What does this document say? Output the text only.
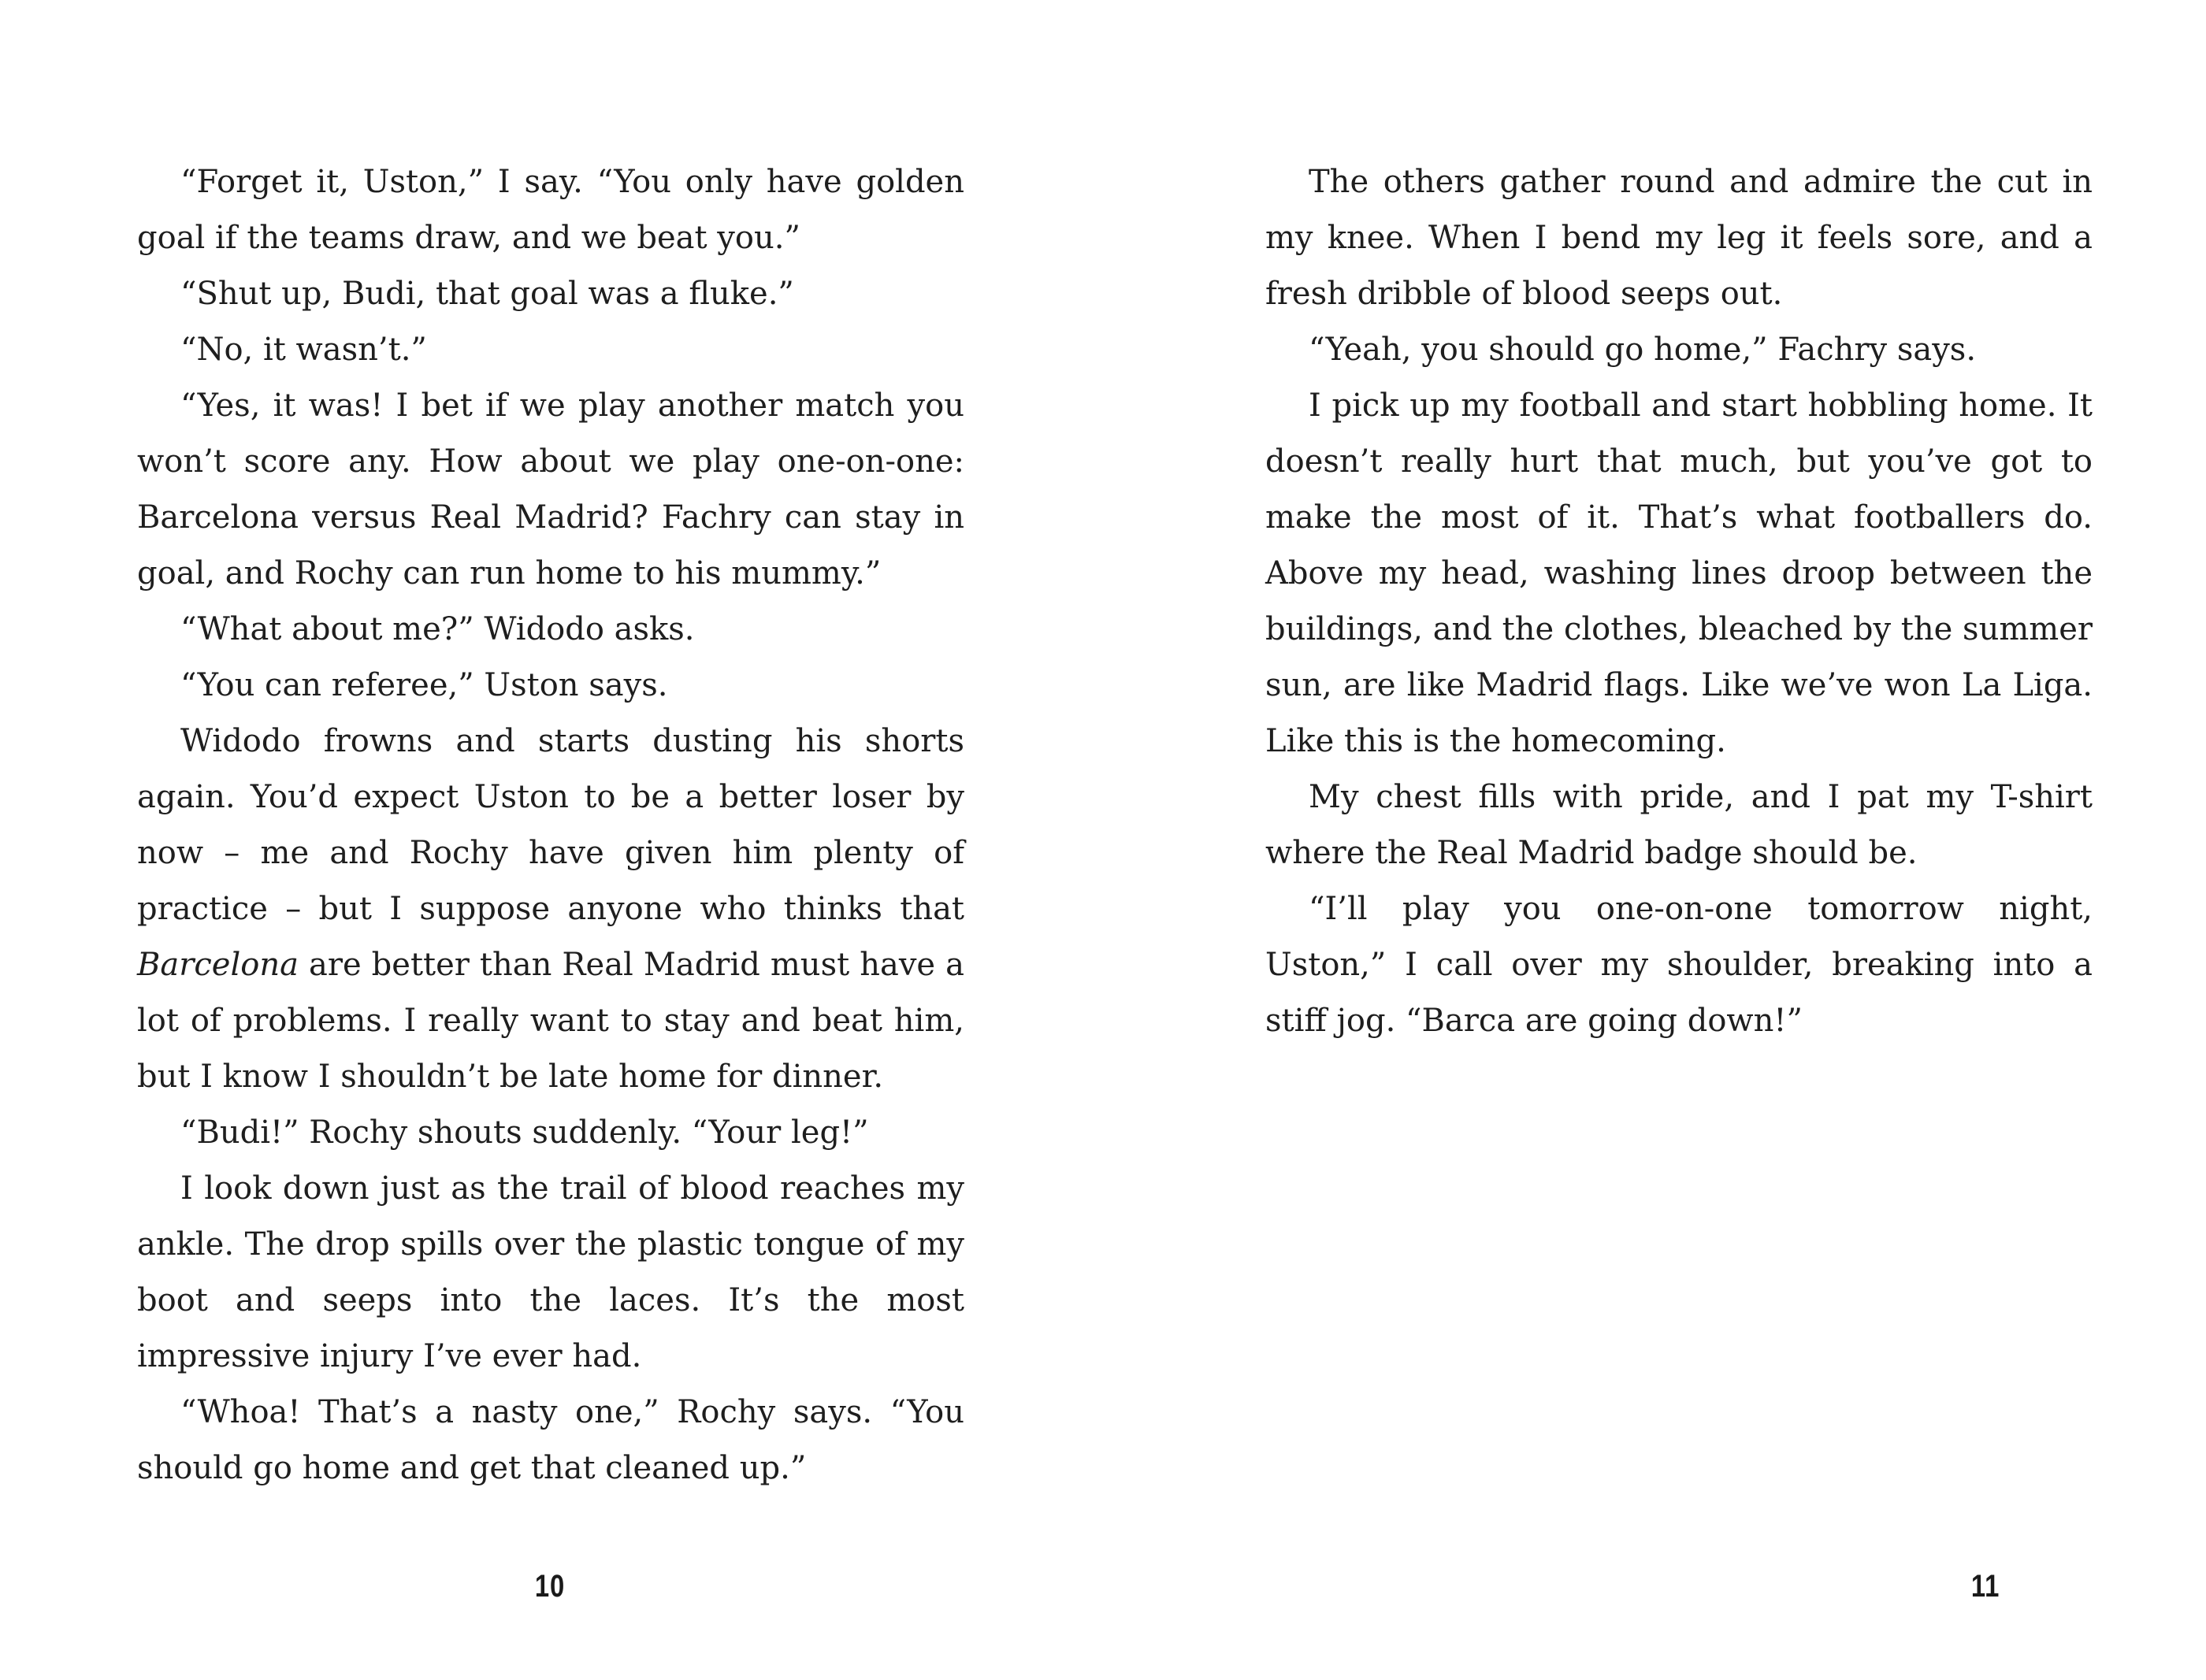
“Forget it, Uston,” I say. “You only have golden goal if the teams draw, and we beat you.”

“Shut up, Budi, that goal was a fluke.”

“No, it wasn’t.”

“Yes, it was! I bet if we play another match you won’t score any. How about we play one-on-one: Barcelona versus Real Madrid? Fachry can stay in goal, and Rochy can run home to his mummy.”

“What about me?” Widodo asks.

“You can referee,” Uston says.

Widodo frowns and starts dusting his shorts again. You’d expect Uston to be a better loser by now – me and Rochy have given him plenty of practice – but I suppose anyone who thinks that Barcelona are better than Real Madrid must have a lot of problems. I really want to stay and beat him, but I know I shouldn’t be late home for dinner.

“Budi!” Rochy shouts suddenly. “Your leg!”

I look down just as the trail of blood reaches my ankle. The drop spills over the plastic tongue of my boot and seeps into the laces. It’s the most impressive injury I’ve ever had.

“Whoa! That’s a nasty one,” Rochy says. “You should go home and get that cleaned up.”

10

The others gather round and admire the cut in my knee. When I bend my leg it feels sore, and a fresh dribble of blood seeps out.

“Yeah, you should go home,” Fachry says.

I pick up my football and start hobbling home. It doesn’t really hurt that much, but you’ve got to make the most of it. That’s what footballers do. Above my head, washing lines droop between the buildings, and the clothes, bleached by the summer sun, are like Madrid flags. Like we’ve won La Liga. Like this is the homecoming.

My chest fills with pride, and I pat my T-shirt where the Real Madrid badge should be.

“I’ll play you one-on-one tomorrow night, Uston,” I call over my shoulder, breaking into a stiff jog. “Barca are going down!”

11
